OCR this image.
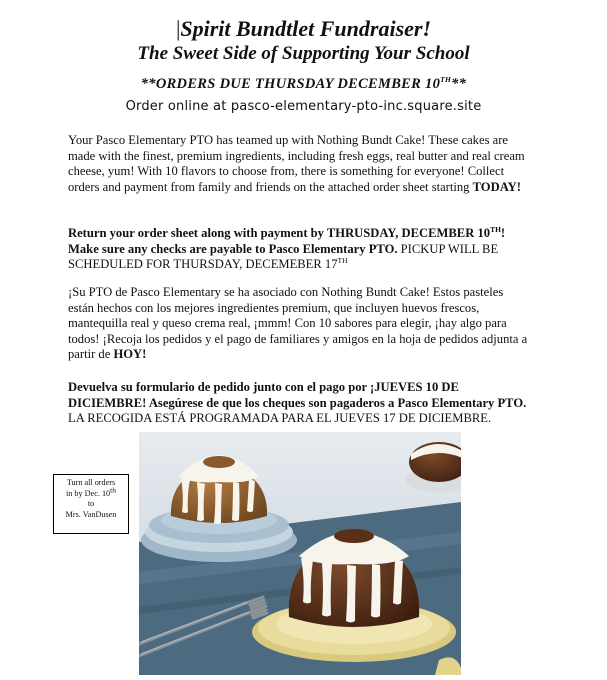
|Spirit Bundtlet Fundraiser!
The Sweet Side of Supporting Your School
**ORDERS DUE THURSDAY DECEMBER 10TH**
Order online at pasco-elementary-pto-inc.square.site

Your Pasco Elementary PTO has teamed up with Nothing Bundt Cake! These cakes are made with the finest, premium ingredients, including fresh eggs, real butter and real cream cheese, yum! With 10 flavors to choose from, there is something for everyone! Collect orders and payment from family and friends on the attached order sheet starting TODAY!

Return your order sheet along with payment by THRUSDAY, DECEMBER 10TH! Make sure any checks are payable to Pasco Elementary PTO. PICKUP WILL BE SCHEDULED FOR THURSDAY, DECEMEBER 17TH

¡Su PTO de Pasco Elementary se ha asociado con Nothing Bundt Cake! Estos pasteles están hechos con los mejores ingredientes premium, que incluyen huevos frescos, mantequilla real y queso crema real, ¡mmm! Con 10 sabores para elegir, ¡hay algo para todos! ¡Recoja los pedidos y el pago de familiares y amigos en la hoja de pedidos adjunta a partir de HOY!

Devuelva su formulario de pedido junto con el pago por ¡JUEVES 10 DE DICIEMBRE! Asegúrese de que los cheques son pagaderos a Pasco Elementary PTO. LA RECOGIDA ESTÁ PROGRAMADA PARA EL JUEVES 17 DE DICIEMBRE.

Turn all orders
in by Dec. 10th
to
Mrs. VanDusen
